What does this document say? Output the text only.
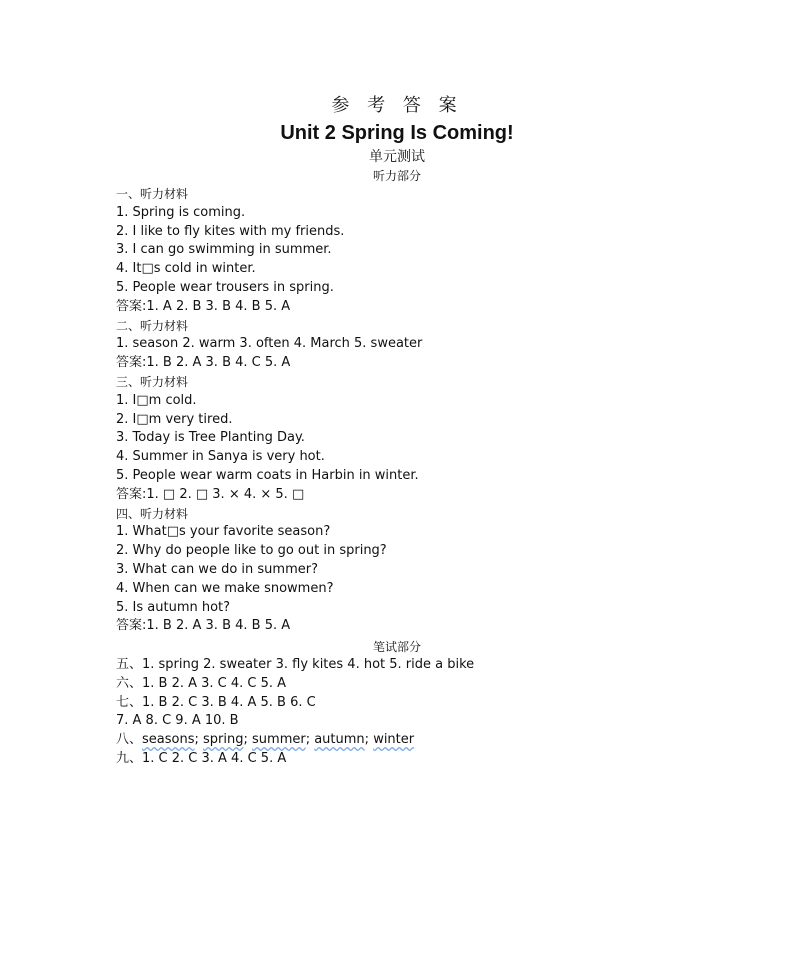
参 考 答 案
Unit 2 Spring Is Coming!
单元测试
听力部分
一、听力材料
1. Spring is coming.
2. I like to fly kites with my friends.
3. I can go swimming in summer.
4. It□s cold in winter.
5. People wear trousers in spring.
答案:1. A 2. B 3. B 4. B 5. A
二、听力材料
1. season 2. warm 3. often 4. March 5. sweater
答案:1. B 2. A 3. B 4. C 5. A
三、听力材料
1. I□m cold.
2. I□m very tired.
3. Today is Tree Planting Day.
4. Summer in Sanya is very hot.
5. People wear warm coats in Harbin in winter.
答案:1. □ 2. □ 3. × 4. × 5. □
四、听力材料
1. What□s your favorite season?
2. Why do people like to go out in spring?
3. What can we do in summer?
4. When can we make snowmen?
5. Is autumn hot?
答案:1. B 2. A 3. B 4. B 5. A
笔试部分
五、1. spring 2. sweater 3. fly kites 4. hot 5. ride a bike
六、1. B 2. A 3. C 4. C 5. A
七、1. B 2. C 3. B 4. A 5. B 6. C
7. A 8. C 9. A 10. B
八、seasons; spring; summer; autumn; winter
九、1. C 2. C 3. A 4. C 5. A
